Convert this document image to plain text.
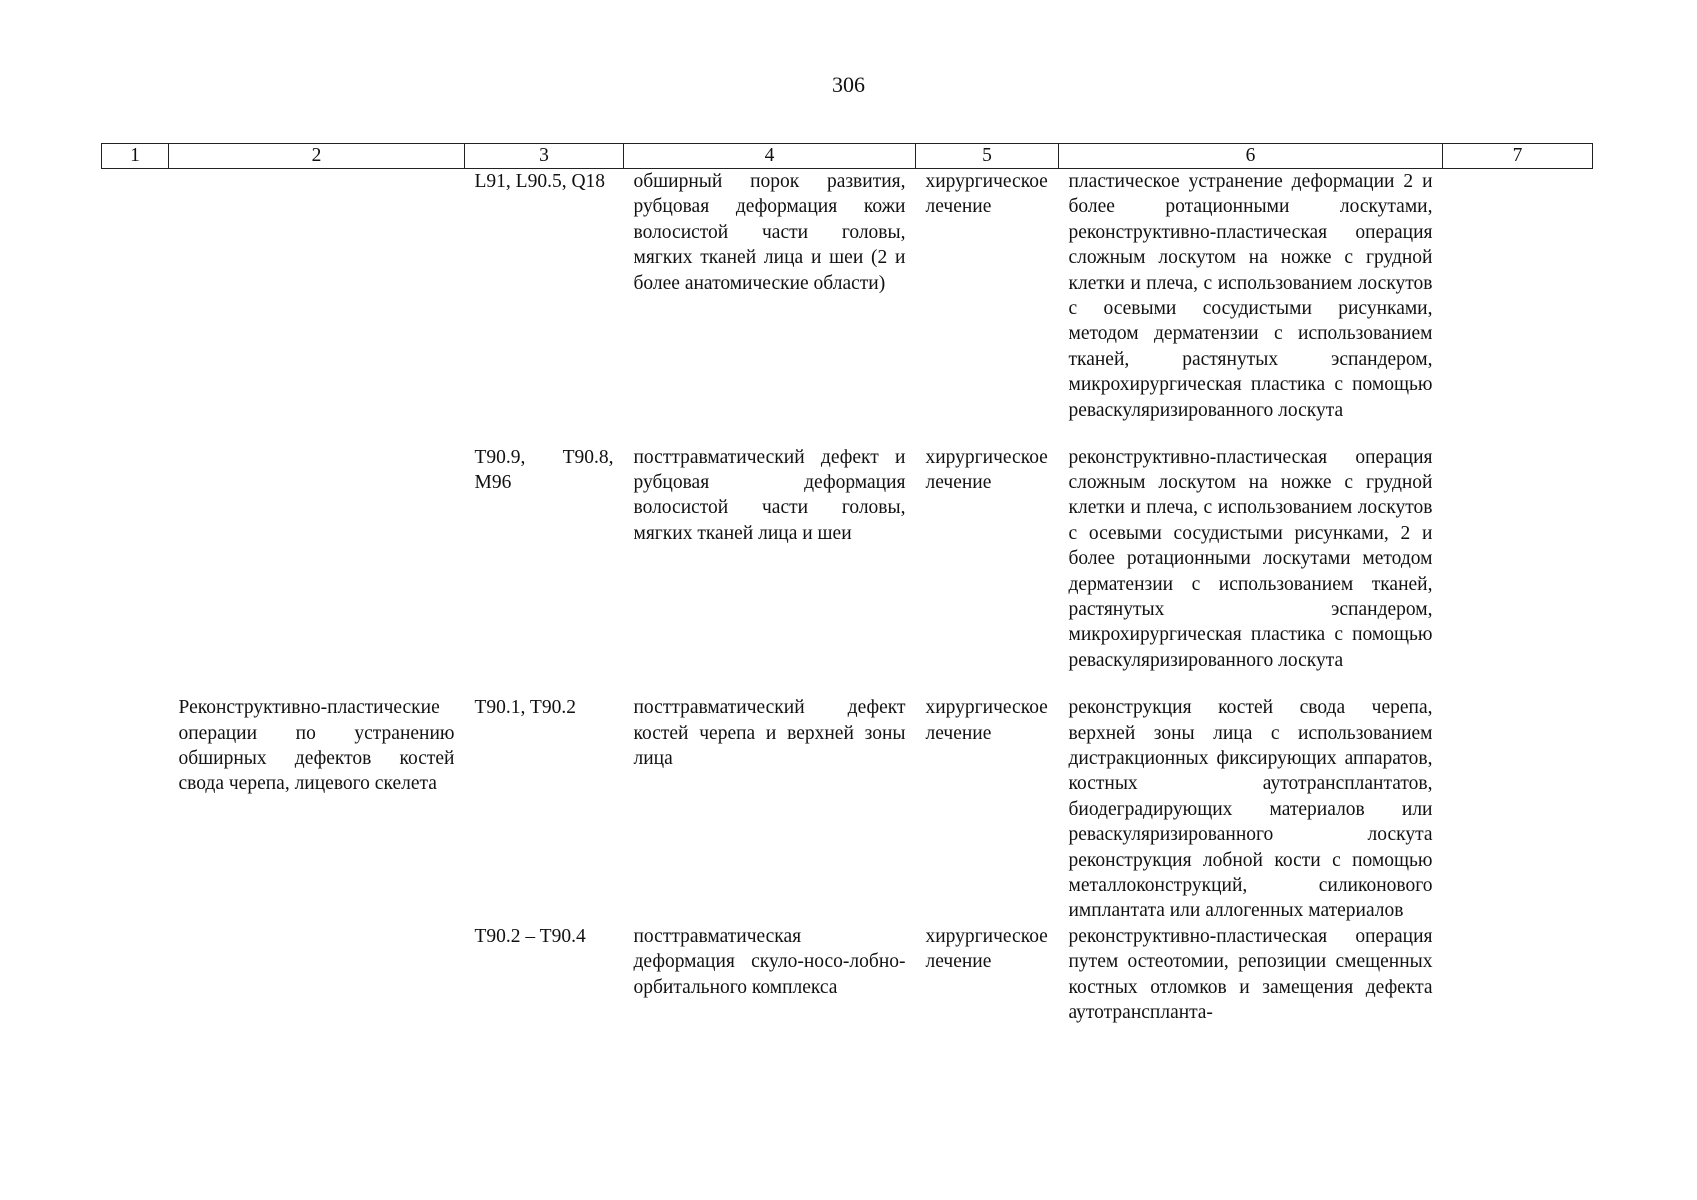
306
1	2	3	4	5	6	7
		L91, L90.5, Q18	обширный порок развития, рубцовая деформация кожи волосистой части головы, мягких тканей лица и шеи (2 и более анатомические области)	хирургическое лечение	пластическое устранение деформации 2 и более ротационными лоскутами, реконструктивно-пластическая операция сложным лоскутом на ножке с грудной клетки и плеча, с использованием лоскутов с осевыми сосудистыми рисунками, методом дерматензии с использованием тканей, растянутых эспандером, микрохирургическая пластика с помощью реваскуляризированного лоскута	
		T90.9, T90.8, M96	посттравматический дефект и рубцовая деформация волосистой части головы, мягких тканей лица и шеи	хирургическое лечение	реконструктивно-пластическая операция сложным лоскутом на ножке с грудной клетки и плеча, с использованием лоскутов с осевыми сосудистыми рисунками, 2 и более ротационными лоскутами методом дерматензии с использованием тканей, растянутых эспандером, микрохирургическая пластика с помощью реваскуляризированного лоскута	
	Реконструктивно-пластические операции по устранению обширных дефектов костей свода черепа, лицевого скелета	T90.1, T90.2	посттравматический дефект костей черепа и верхней зоны лица	хирургическое лечение	реконструкция костей свода черепа, верхней зоны лица с использованием дистракционных фиксирующих аппаратов, костных аутотрансплантатов, биодеградирующих материалов или реваскуляризированного лоскута реконструкция лобной кости с помощью металлоконструкций, силиконового имплантата или аллогенных материалов	
		T90.2 – T90.4	посттравматическая деформация скуло-носо-лобно-орбитального комплекса	хирургическое лечение	реконструктивно-пластическая операция путем остеотомии, репозиции смещенных костных отломков и замещения дефекта аутотрансплантa-	
